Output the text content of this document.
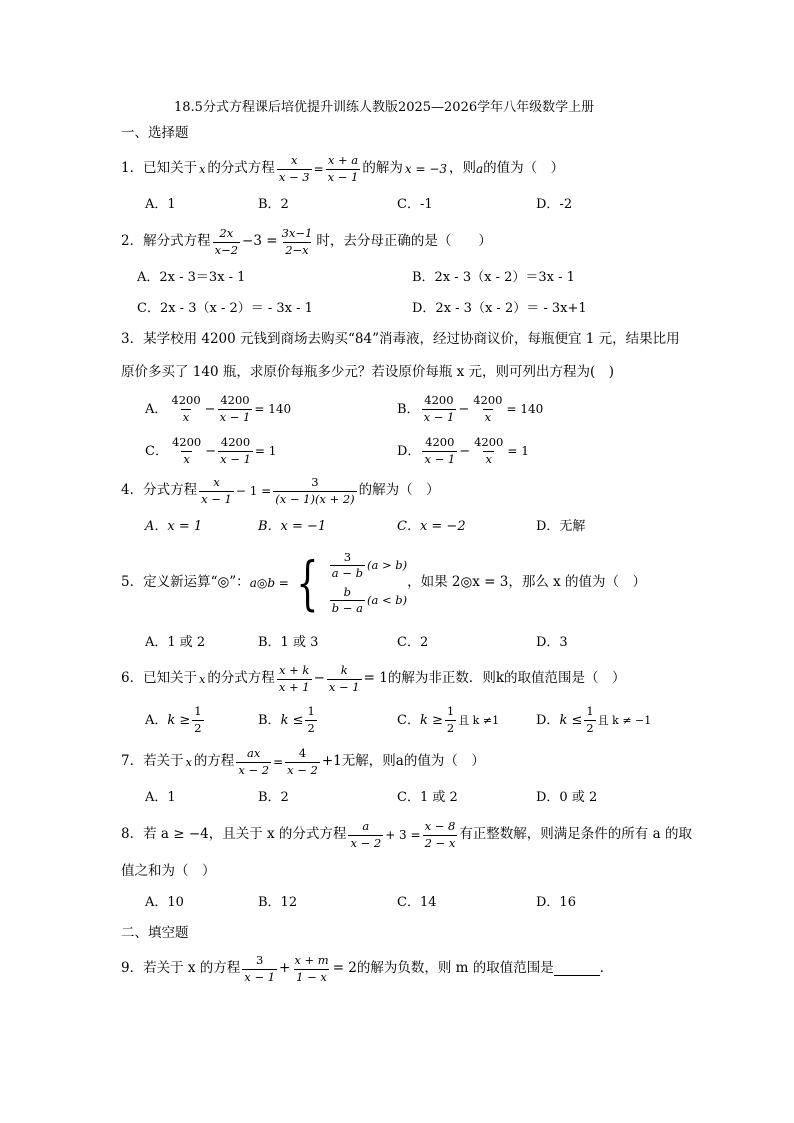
18.5分式方程课后培优提升训练人教版2025—2026学年八年级数学上册
一、选择题
1． 已知关于 x 的分式方程 $\frac{x}{x - 3} = \frac{x + a}{x - 1}$ 的解为 x = −3 ，则 a 的值为（　）
A．1	B．2	C．-1	D．-2
2． 解分式方程 $\frac{2x}{x-2} -3 = \frac{3x-1}{2-x}$ 时，去分母正确的是（　　）
A．2x - 3＝3x - 1	B．2x - 3（x - 2）＝3x - 1
C．2x - 3（x - 2）＝ - 3x - 1	D．2x - 3（x - 2）＝ - 3x+1
3．某学校用 4200 元钱到商场去购买“84”消毒液，经过协商议价，每瓶便宜 1 元，结果比用
原价多买了 140 瓶，求原价每瓶多少元？若设原价每瓶 x 元，则可列出方程为(　)
A． $\frac{4200}{x} - \frac{4200}{x - 1} = 140$	B． $\frac{4200}{x - 1} - \frac{4200}{x} = 140$
C． $\frac{4200}{x} - \frac{4200}{x - 1} = 1$	D． $\frac{4200}{x - 1} - \frac{4200}{x} = 1$
4． 分式方程 $\frac{x}{x - 1} - 1 = \frac{3}{(x - 1)(x + 2)}$ 的解为（　）
A．x = 1	B．x = −1	C．x = −2	D．无解
5． 定义新运算“◎”： a◎b = { $\frac{3}{a - b} (a > b)$
$\frac{b}{b - a} (a < b)$
，如果 2◎x = 3，那么 x 的值为（　）
A．1 或 2	B．1 或 3	C．2	D．3
6． 已知关于 x 的分式方程 $\frac{x + k}{x + 1} - \frac{k}{x - 1} = 1$的解为非正数．则k的取值范围是（　）
A． $k \ge \frac{1}{2}$	B． $k \le \frac{1}{2}$	C． $k \ge \frac{1}{2}$ 且 k ≠1	D． $k \le \frac{1}{2}$ 且 k ≠ −1
7． 若关于 x 的方程 $\frac{ax}{x - 2} = \frac{4}{x - 2} +1$无解，则a的值为（　）
A．1	B．2	C．1 或 2	D．0 或 2
8． 若 a ≥ −4，且关于 x 的分式方程 $\frac{a}{x - 2} + 3 = \frac{x - 8}{2 - x}$ 有正整数解，则满足条件的所有 a 的取
值之和为（　）
A．10	B．12	C．14	D．16
二、填空题
9． 若关于 x 的方程 $\frac{3}{x - 1} + \frac{x + m}{1 - x} = 2$的解为负数，则 m 的取值范围是	．
